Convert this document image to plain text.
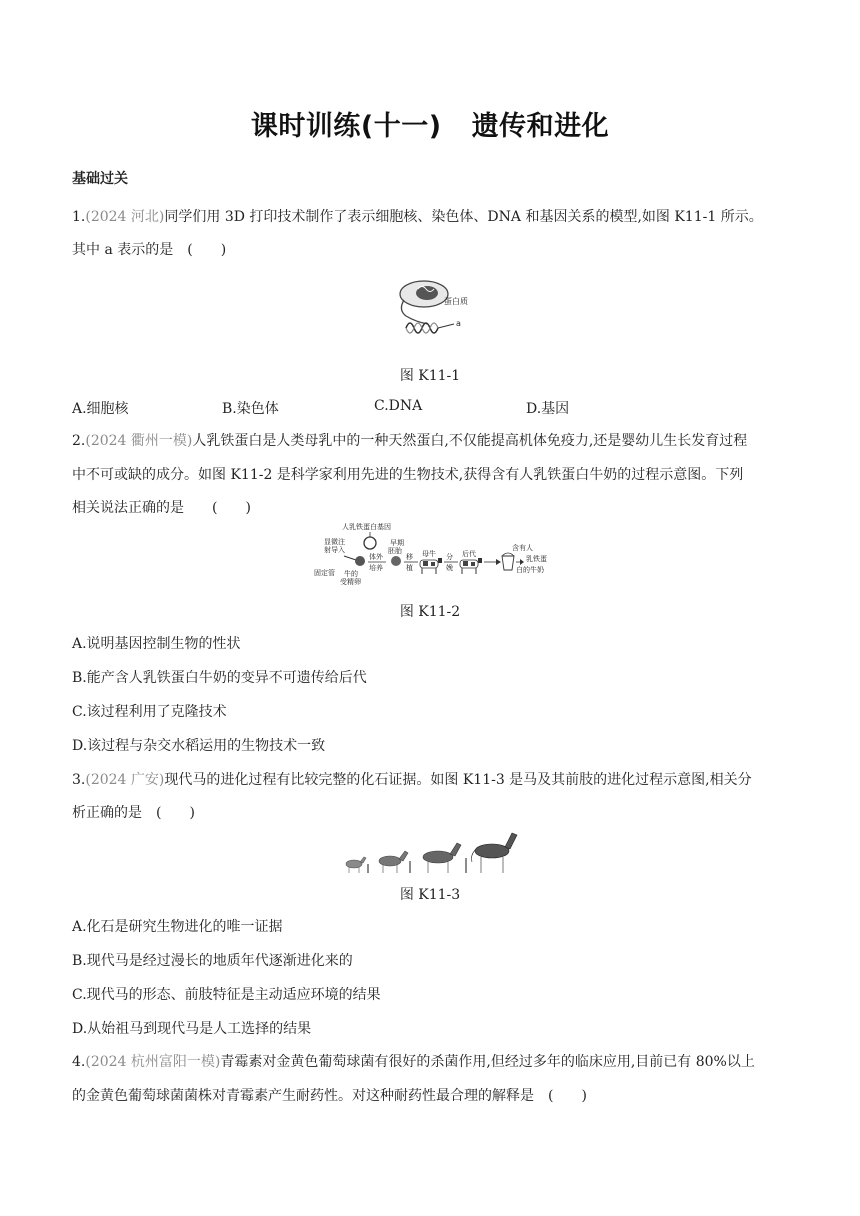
课时训练(十一) 遗传和进化
基础过关
1.(2024 河北)同学们用 3D 打印技术制作了表示细胞核、染色体、DNA 和基因关系的模型,如图 K11-1 所示。
其中 a 表示的是　(　　)
蛋白质
a
图 K11-1
A.细胞核	B.染色体	C.DNA	D.基因
2.(2024 衢州一模)人乳铁蛋白是人类母乳中的一种天然蛋白,不仅能提高机体免疫力,还是婴幼儿生长发育过程
中不可或缺的成分。如图 K11-2 是科学家利用先进的生物技术,获得含有人乳铁蛋白牛奶的过程示意图。下列
相关说法正确的是　　(　　)
人乳铁蛋白基因
显微注
射导入
固定管 牛的
受精卵
早期
胚胎
体外
培养
移
植
母牛 分
娩
后代
含有人
乳铁蛋
白的牛奶
图 K11-2
A.说明基因控制生物的性状
B.能产含人乳铁蛋白牛奶的变异不可遗传给后代
C.该过程利用了克隆技术
D.该过程与杂交水稻运用的生物技术一致
3.(2024 广安)现代马的进化过程有比较完整的化石证据。如图 K11-3 是马及其前肢的进化过程示意图,相关分
析正确的是　(　　)
图 K11-3
A.化石是研究生物进化的唯一证据
B.现代马是经过漫长的地质年代逐渐进化来的
C.现代马的形态、前肢特征是主动适应环境的结果
D.从始祖马到现代马是人工选择的结果
4.(2024 杭州富阳一模)青霉素对金黄色葡萄球菌有很好的杀菌作用,但经过多年的临床应用,目前已有 80%以上
的金黄色葡萄球菌菌株对青霉素产生耐药性。对这种耐药性最合理的解释是　(　　)
